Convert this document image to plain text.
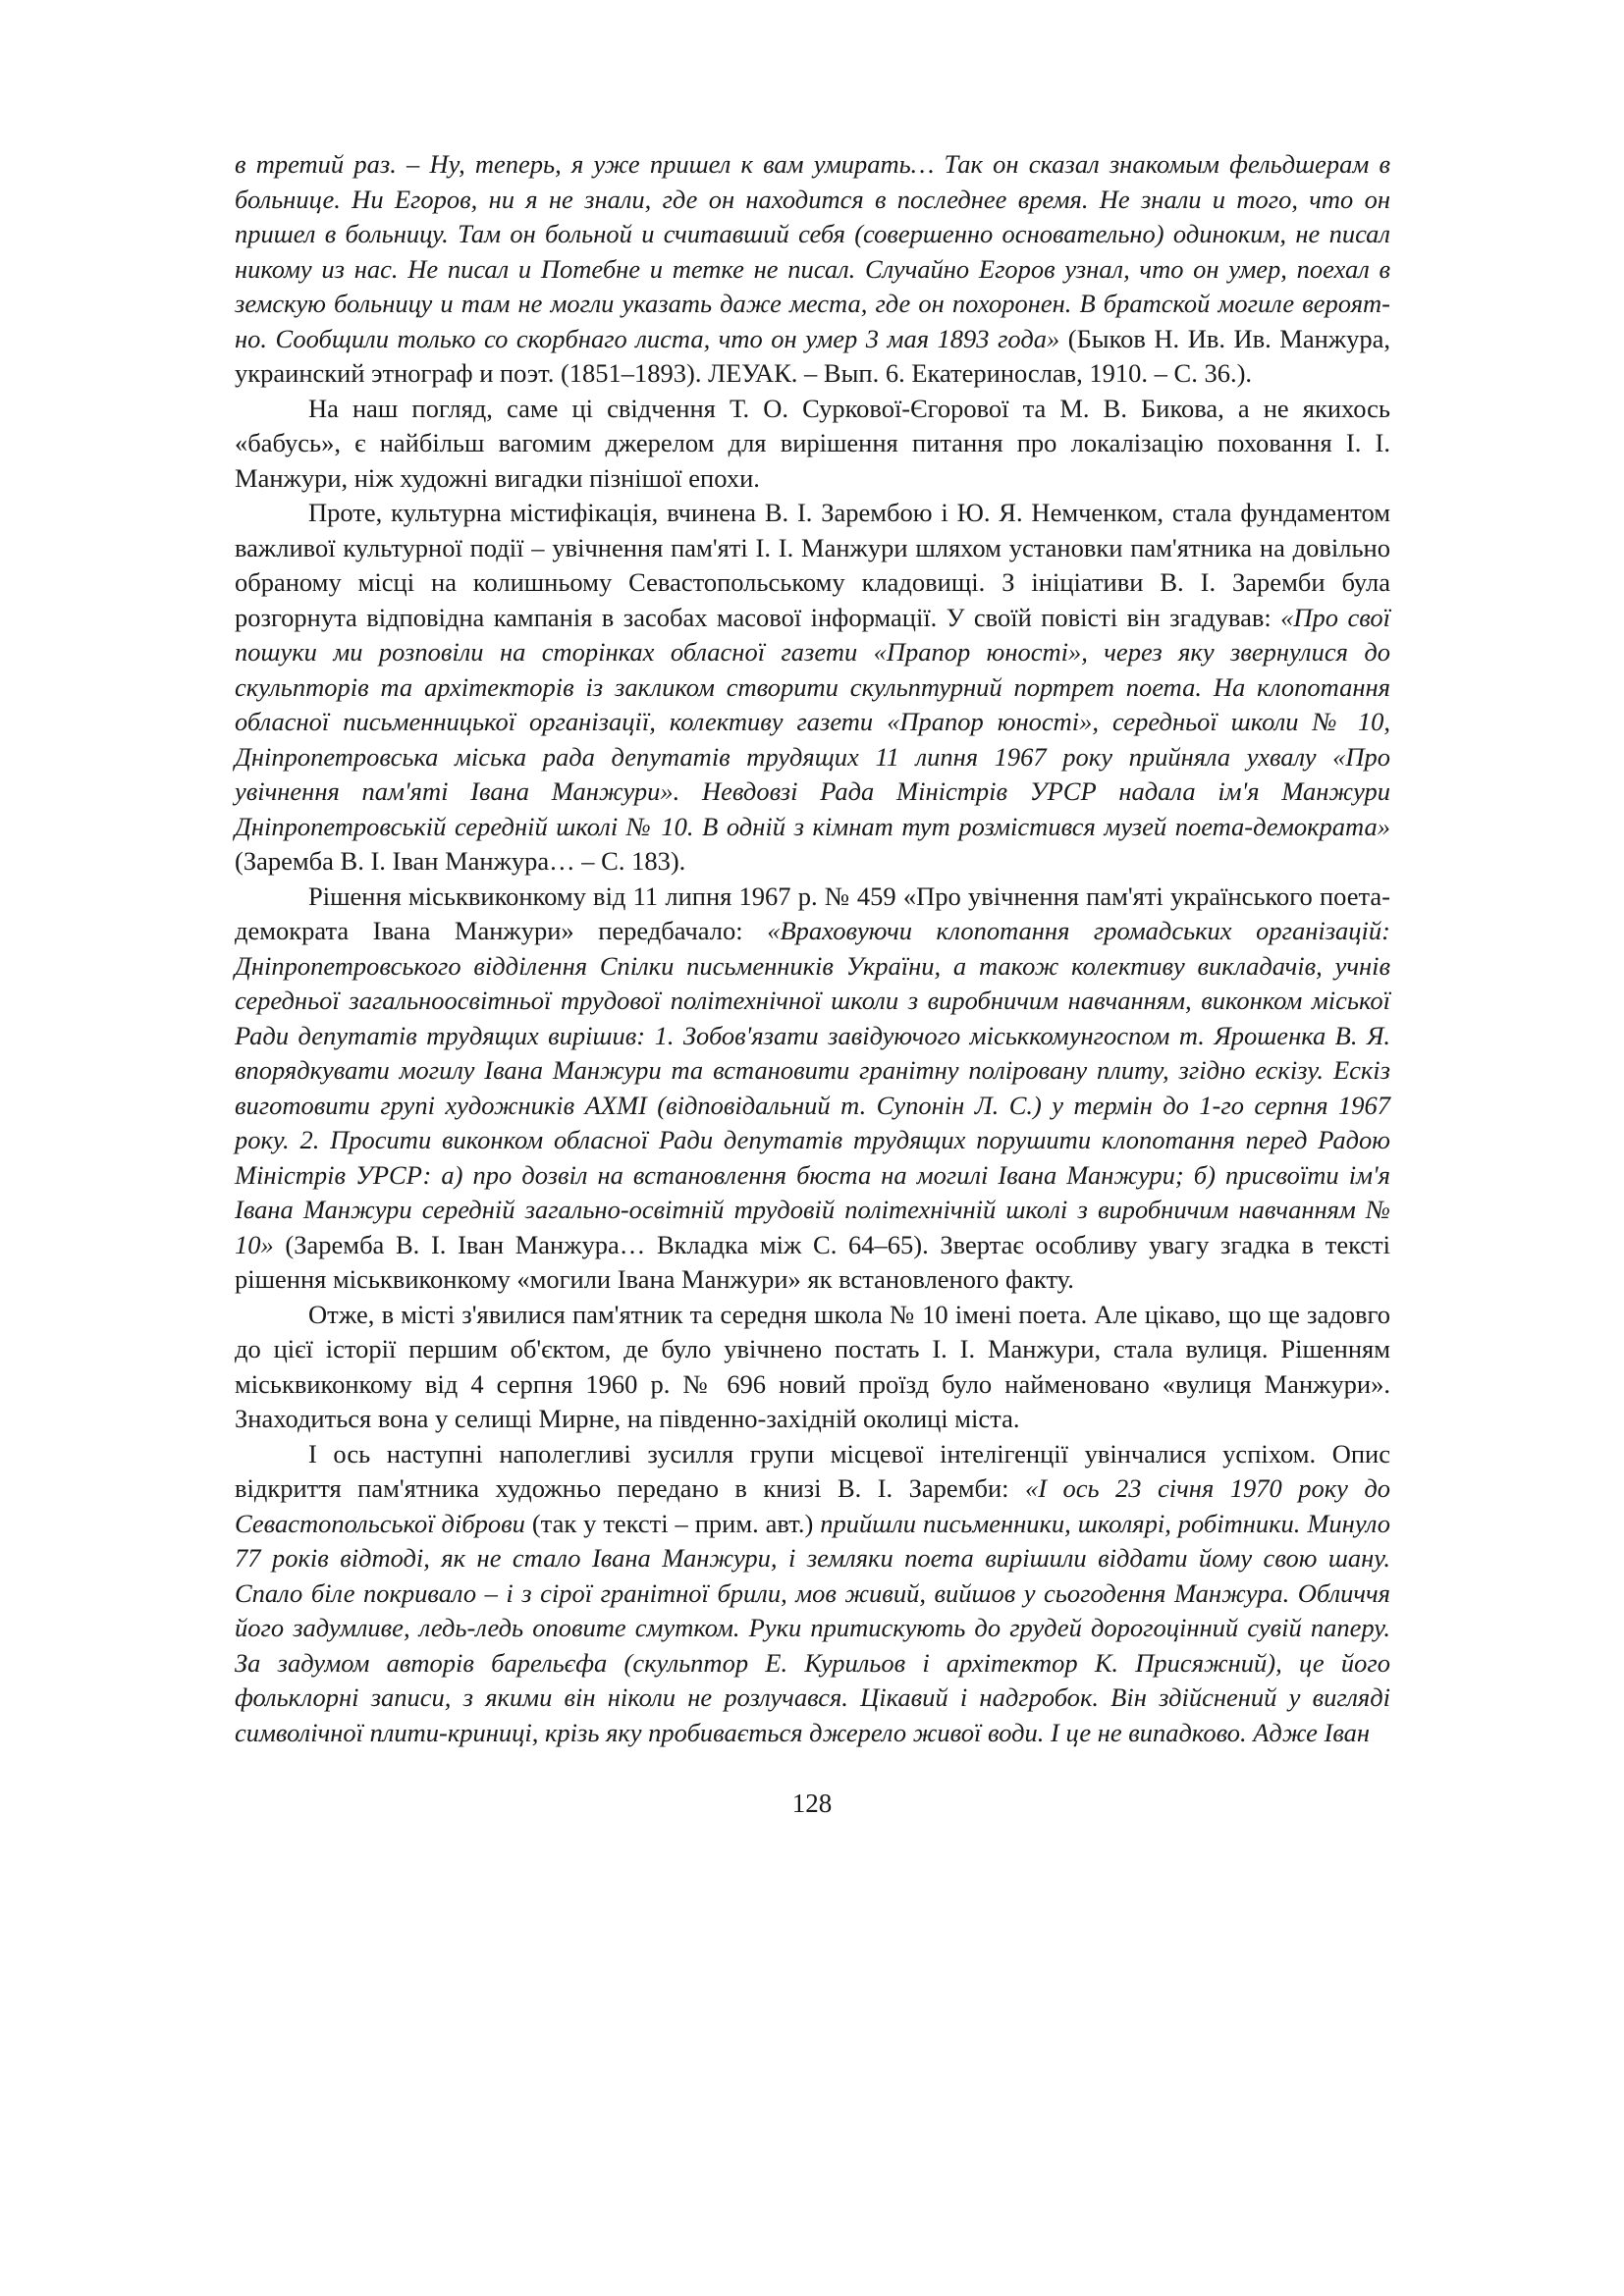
в третий раз. – Ну, теперь, я уже пришел к вам умирать… Так он сказал знакомым фельдшерам в больнице. Ни Егоров, ни я не знали, где он находится в последнее время. Не знали и того, что он пришел в больницу. Там он больной и считавший себя (совершенно основательно) одиноким, не писал никому из нас. Не писал и Потебне и тетке не писал. Случайно Егоров узнал, что он умер, поехал в земскую больницу и там не могли указать даже места, где он похоронен. В братской могиле вероятно. Сообщили только со скорбнаго листа, что он умер 3 мая 1893 года» (Быков Н. Ив. Ив. Манжура, украинский этнограф и поэт. (1851–1893). ЛЕУАК. – Вып. 6. Екатеринослав, 1910. – С. 36.).

На наш погляд, саме ці свідчення Т. О. Суркової-Єгорової та М. В. Бикова, а не якихось «бабусь», є найбільш вагомим джерелом для вирішення питання про локалізацію поховання І. І. Манжури, ніж художні вигадки пізнішої епохи.

Проте, культурна містифікація, вчинена В. І. Зарембою і Ю. Я. Немченком, стала фундаментом важливої культурної події – увічнення пам'яті І. І. Манжури шляхом установки пам'ятника на довільно обраному місці на колишньому Севастопольському кладовищі. З ініціативи В. І. Заремби була розгорнута відповідна кампанія в засобах масової інформації. У своїй повісті він згадував: «Про свої пошуки ми розповіли на сторінках обласної газети «Прапор юності», через яку звернулися до скульпторів та архітекторів із закликом створити скульптурний портрет поета. На клопотання обласної письменницької організації, колективу газети «Прапор юності», середньої школи № 10, Дніпропетровська міська рада депутатів трудящих 11 липня 1967 року прийняла ухвалу «Про увічнення пам'яті Івана Манжури». Невдовзі Рада Міністрів УРСР надала ім'я Манжури Дніпропетровській середній школі № 10. В одній з кімнат тут розмістився музей поета-демократа» (Заремба В. І. Іван Манжура… – С. 183).

Рішення міськвиконкому від 11 липня 1967 р. № 459 «Про увічнення пам'яті українського поета-демократа Івана Манжури» передбачало: «Враховуючи клопотання громадських організацій: Дніпропетровського відділення Спілки письменників України, а також колективу викладачів, учнів середньої загальноосвітньої трудової політехнічної школи з виробничим навчанням, виконком міської Ради депутатів трудящих вирішив: 1. Зобов'язати завідуючого міськкомунгоспом т. Ярошенка В. Я. впорядкувати могилу Івана Манжури та встановити гранітну поліровану плиту, згідно ескізу. Ескіз виготовити групі художників АХМІ (відповідальний т. Супонін Л. С.) у термін до 1-го серпня 1967 року. 2. Просити виконком обласної Ради депутатів трудящих порушити клопотання перед Радою Міністрів УРСР: а) про дозвіл на встановлення бюста на могилі Івана Манжури; б) присвоїти ім'я Івана Манжури середній загально-освітній трудовій політехнічній школі з виробничим навчанням № 10» (Заремба В. І. Іван Манжура… Вкладка між С. 64–65). Звертає особливу увагу згадка в тексті рішення міськвиконкому «могили Івана Манжури» як встановленого факту.

Отже, в місті з'явилися пам'ятник та середня школа № 10 імені поета. Але цікаво, що ще задовго до цієї історії першим об'єктом, де було увічнено постать І. І. Манжури, стала вулиця. Рішенням міськвиконкому від 4 серпня 1960 р. № 696 новий проїзд було найменовано «вулиця Манжури». Знаходиться вона у селищі Мирне, на південно-західній околиці міста.

І ось наступні наполегливі зусилля групи місцевої інтелігенції увінчалися успіхом. Опис відкриття пам'ятника художньо передано в книзі В. І. Заремби: «І ось 23 січня 1970 року до Севастопольської діброви (так у тексті – прим. авт.) прийшли письменники, школярі, робітники. Минуло 77 років відтоді, як не стало Івана Манжури, і земляки поета вирішили віддати йому свою шану. Спало біле покривало – і з сірої гранітної брили, мов живий, вийшов у сьогодення Манжура. Обличчя його задумливе, ледь-ледь оповите смутком. Руки притискують до грудей дорогоцінний сувій паперу. За задумом авторів барельєфа (скульптор Е. Курильов і архітектор К. Присяжний), це його фольклорні записи, з якими він ніколи не розлучався. Цікавий і надгробок. Він здійснений у вигляді символічної плити-криниці, крізь яку пробивається джерело живої води. І це не випадково. Адже Іван

128
